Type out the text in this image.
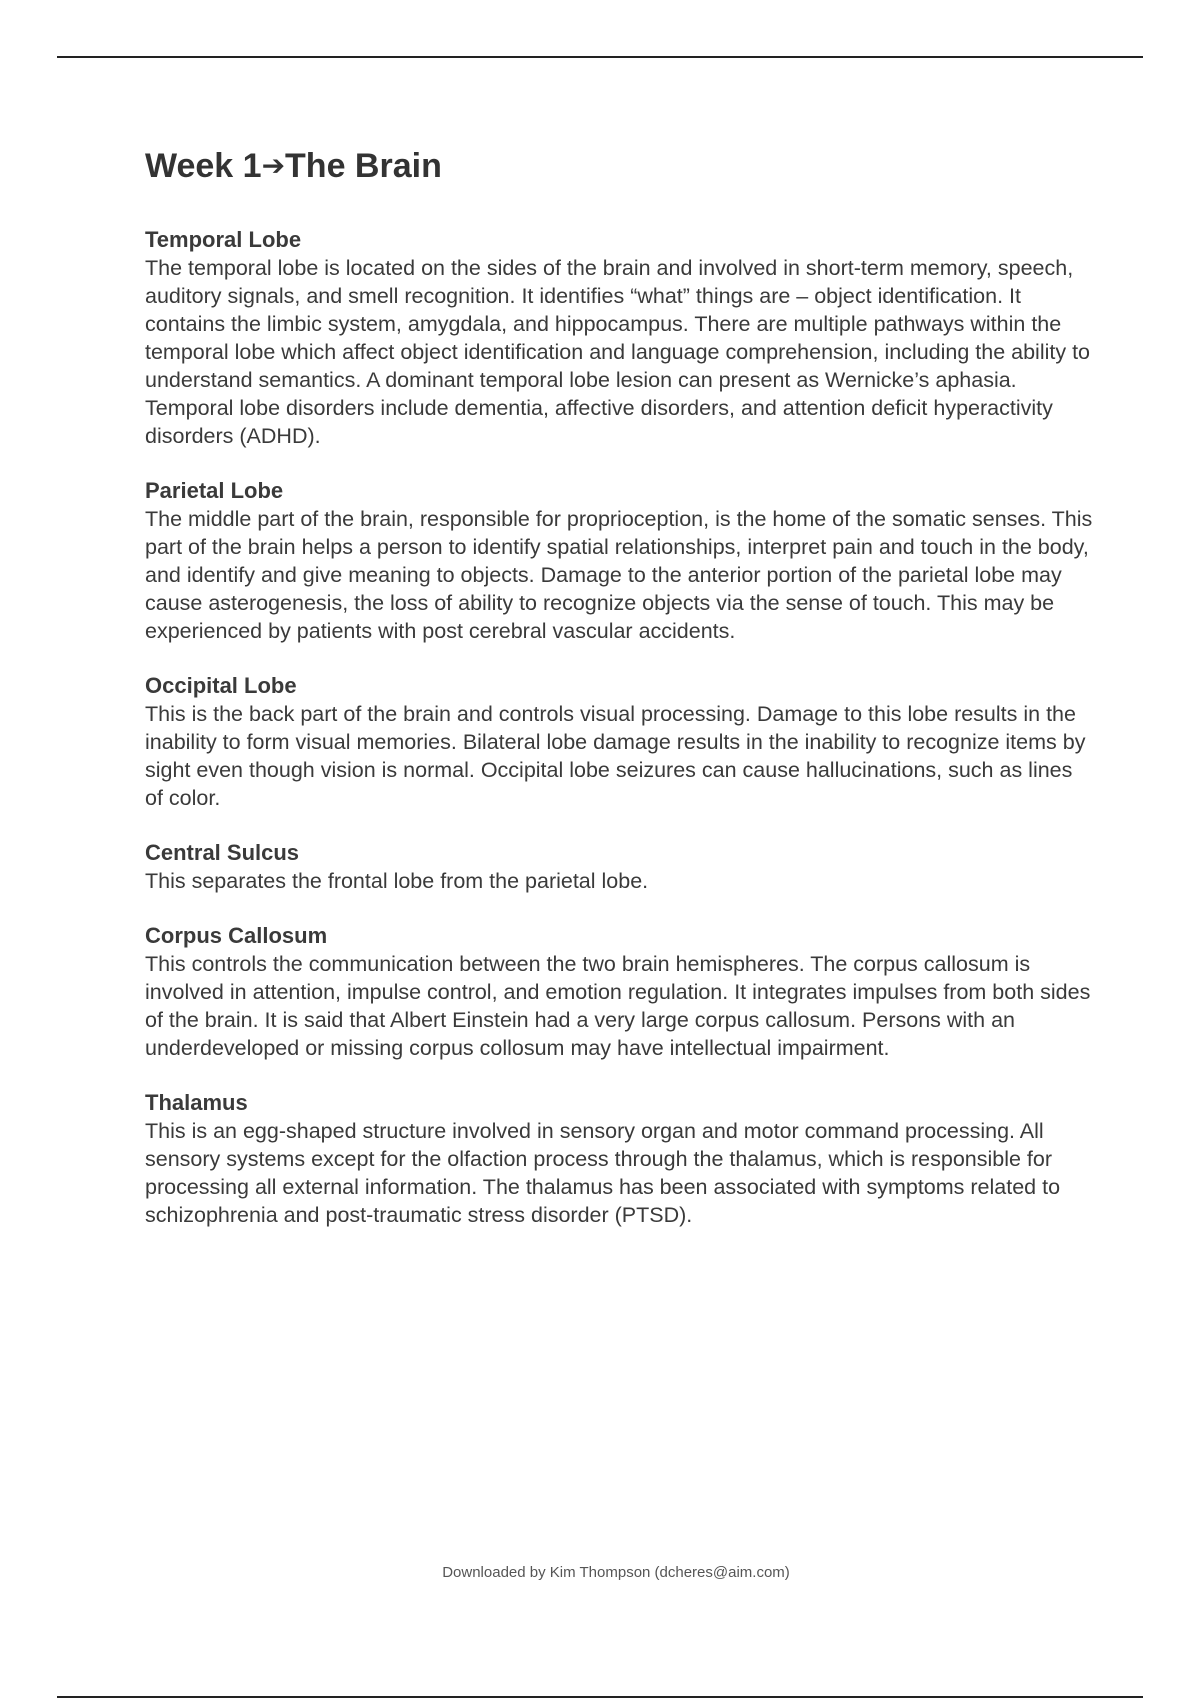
Week 1➔The Brain

Temporal Lobe

The temporal lobe is located on the sides of the brain and involved in short-term memory, speech, auditory signals, and smell recognition. It identifies “what” things are – object identification. It contains the limbic system, amygdala, and hippocampus. There are multiple pathways within the temporal lobe which affect object identification and language comprehension, including the ability to understand semantics. A dominant temporal lobe lesion can present as Wernicke’s aphasia. Temporal lobe disorders include dementia, affective disorders, and attention deficit hyperactivity disorders (ADHD).

Parietal Lobe

The middle part of the brain, responsible for proprioception, is the home of the somatic senses. This part of the brain helps a person to identify spatial relationships, interpret pain and touch in the body, and identify and give meaning to objects. Damage to the anterior portion of the parietal lobe may cause asterogenesis, the loss of ability to recognize objects via the sense of touch. This may be experienced by patients with post cerebral vascular accidents.

Occipital Lobe

This is the back part of the brain and controls visual processing. Damage to this lobe results in the inability to form visual memories. Bilateral lobe damage results in the inability to recognize items by sight even though vision is normal. Occipital lobe seizures can cause hallucinations, such as lines of color.

Central Sulcus

This separates the frontal lobe from the parietal lobe.

Corpus Callosum

This controls the communication between the two brain hemispheres. The corpus callosum is involved in attention, impulse control, and emotion regulation. It integrates impulses from both sides of the brain. It is said that Albert Einstein had a very large corpus callosum. Persons with an underdeveloped or missing corpus collosum may have intellectual impairment.

Thalamus

This is an egg-shaped structure involved in sensory organ and motor command processing. All sensory systems except for the olfaction process through the thalamus, which is responsible for processing all external information. The thalamus has been associated with symptoms related to schizophrenia and post-traumatic stress disorder (PTSD).

Downloaded by Kim Thompson (dcheres@aim.com)
